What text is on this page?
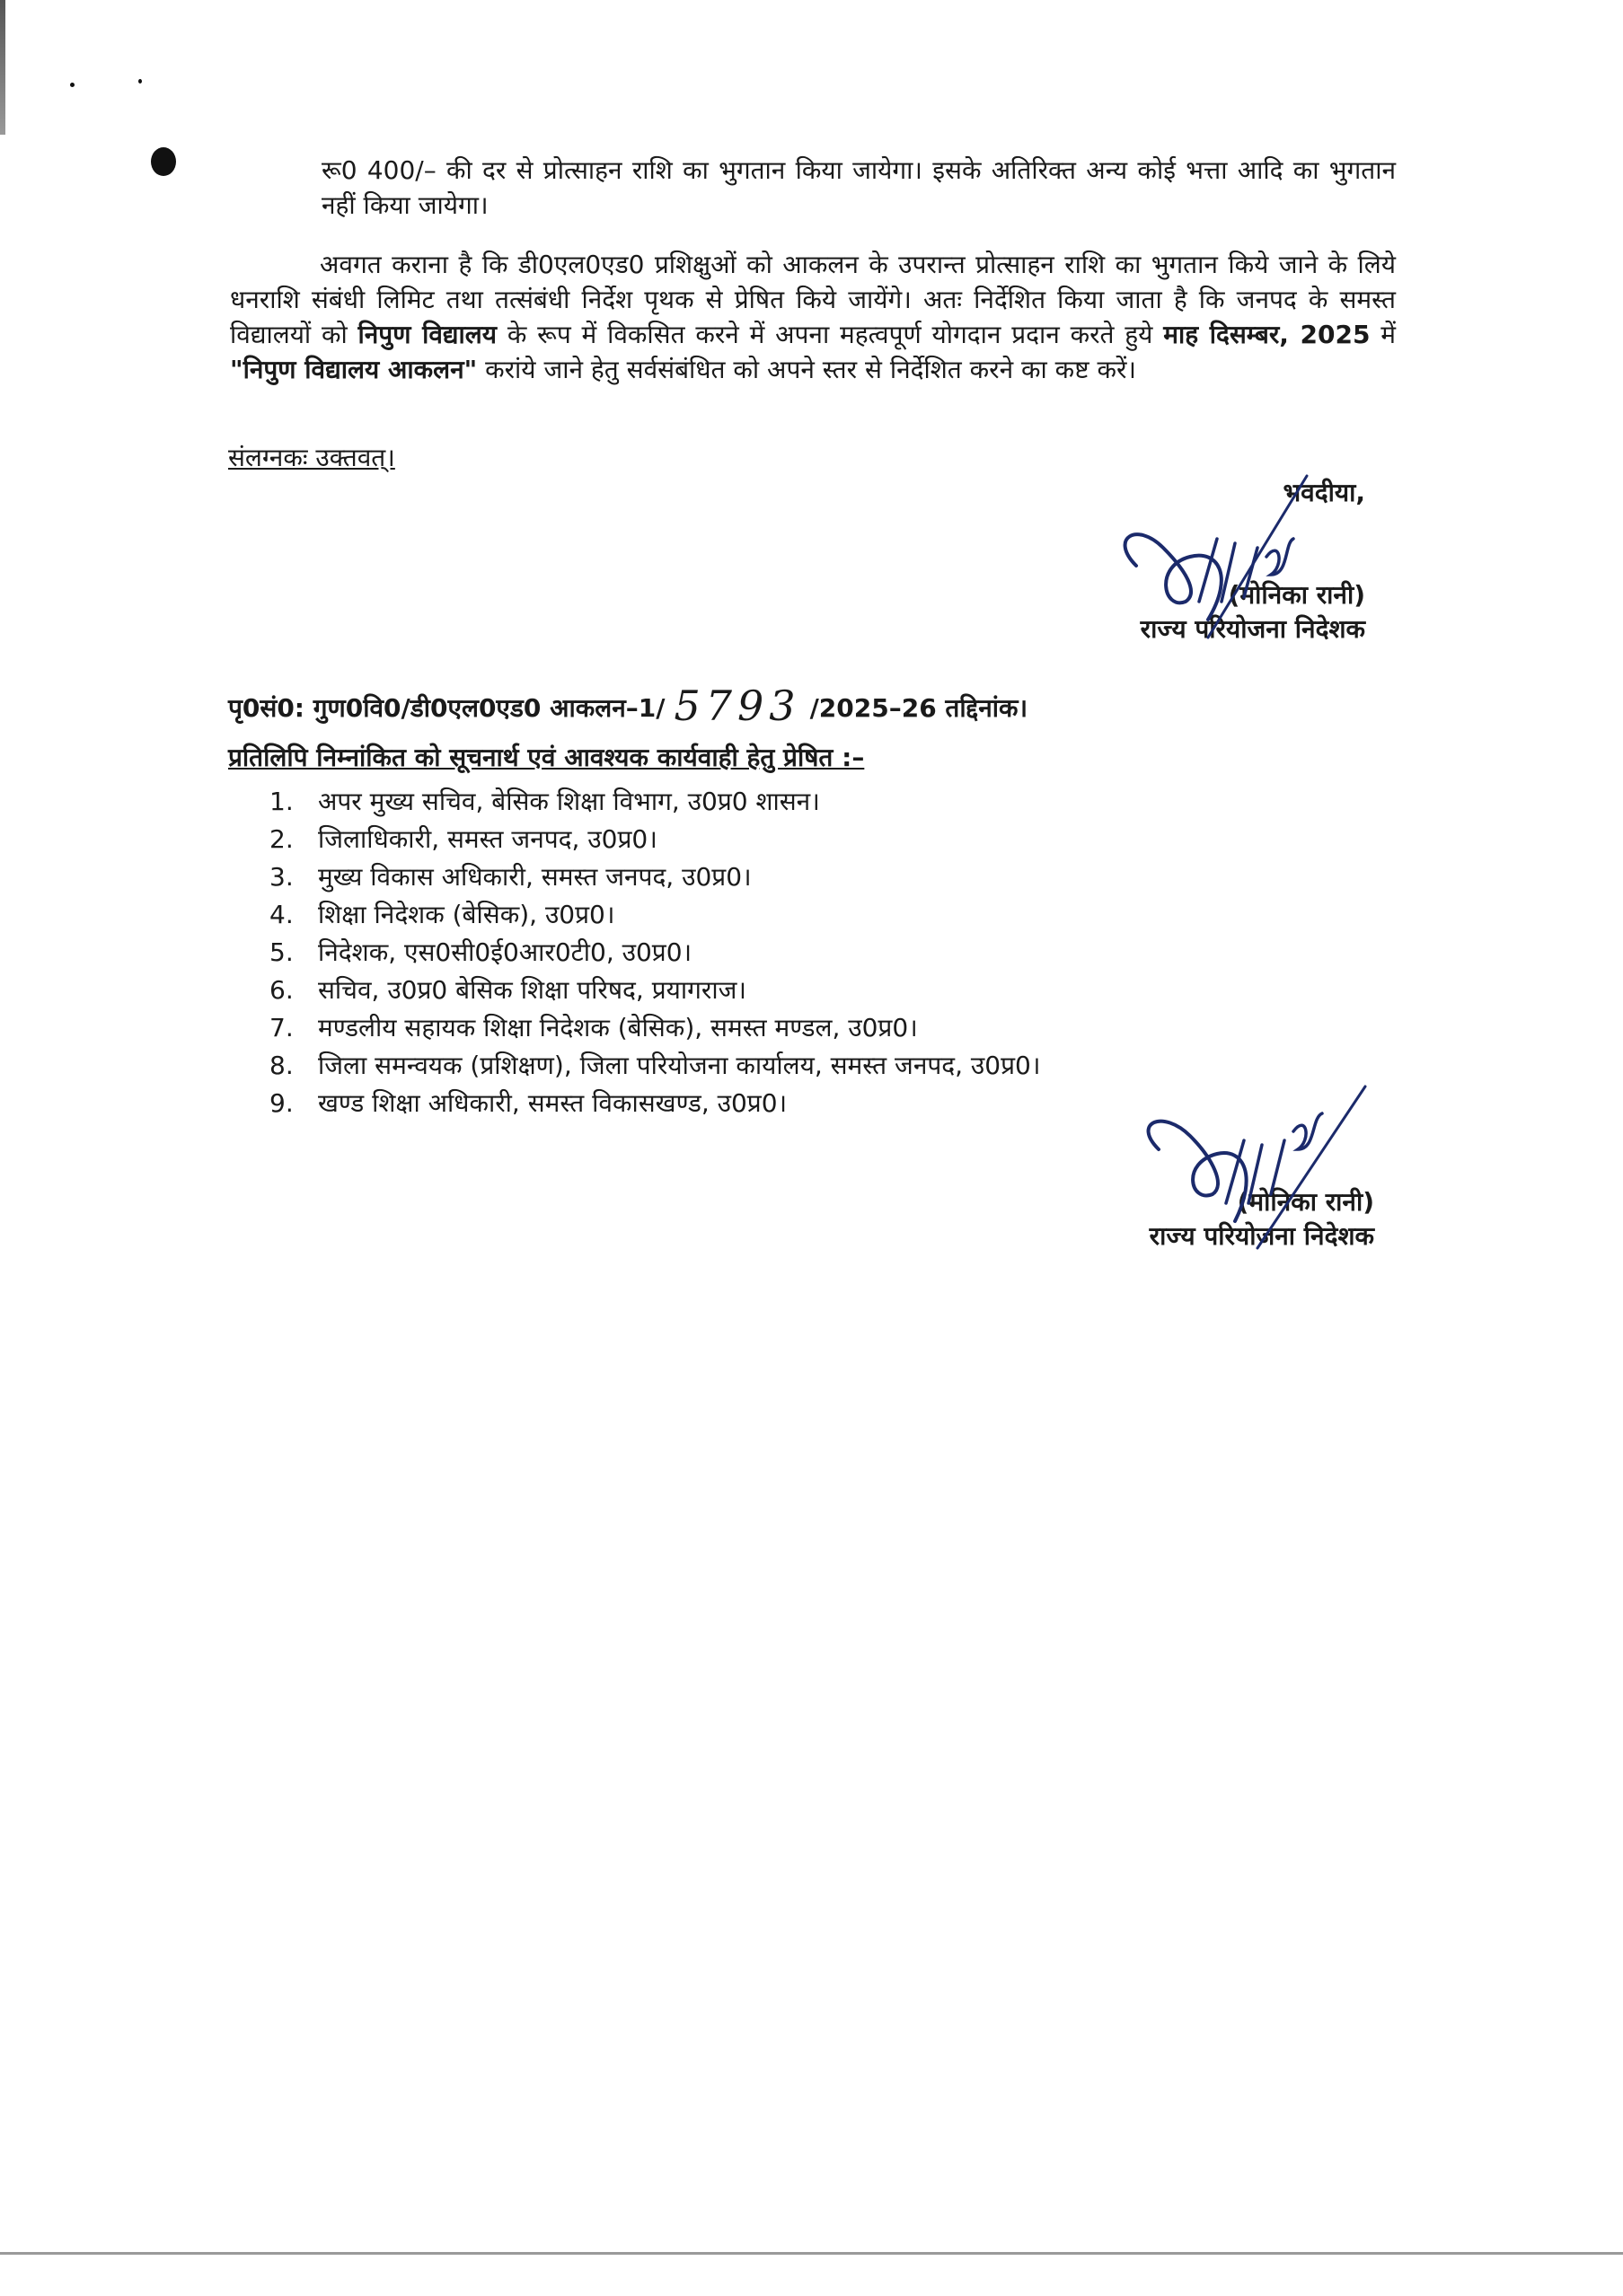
रू0 400/– की दर से प्रोत्साहन राशि का भुगतान किया जायेगा। इसके अतिरिक्त अन्य कोई भत्ता आदि का भुगतान नहीं किया जायेगा।

अवगत कराना है कि डी0एल0एड0 प्रशिक्षुओं को आकलन के उपरान्त प्रोत्साहन राशि का भुगतान किये जाने के लिये धनराशि संबंधी लिमिट तथा तत्संबंधी निर्देश पृथक से प्रेषित किये जायेंगे। अतः निर्देशित किया जाता है कि जनपद के समस्त विद्यालयों को निपुण विद्यालय के रूप में विकसित करने में अपना महत्वपूर्ण योगदान प्रदान करते हुये माह दिसम्बर, 2025 में "निपुण विद्यालय आकलन" करांये जाने हेतु सर्वसंबंधित को अपने स्तर से निर्देशित करने का कष्ट करें।

संलग्नकः उक्तवत्।
भवदीया,
(मोनिका रानी)
राज्य परियोजना निदेशक
पृ0सं0: गुण0वि0/डी0एल0एड0 आकलन–1/ 5793 /2025–26 तद्दिनांक।
प्रतिलिपि निम्नांकित को सूचनार्थ एवं आवश्यक कार्यवाही हेतु प्रेषित :–
1. अपर मुख्य सचिव, बेसिक शिक्षा विभाग, उ0प्र0 शासन।
2. जिलाधिकारी, समस्त जनपद, उ0प्र0।
3. मुख्य विकास अधिकारी, समस्त जनपद, उ0प्र0।
4. शिक्षा निदेशक (बेसिक), उ0प्र0।
5. निदेशक, एस0सी0ई0आर0टी0, उ0प्र0।
6. सचिव, उ0प्र0 बेसिक शिक्षा परिषद, प्रयागराज।
7. मण्डलीय सहायक शिक्षा निदेशक (बेसिक), समस्त मण्डल, उ0प्र0।
8. जिला समन्वयक (प्रशिक्षण), जिला परियोजना कार्यालय, समस्त जनपद, उ0प्र0।
9. खण्ड शिक्षा अधिकारी, समस्त विकासखण्ड, उ0प्र0।
(मोनिका रानी)
राज्य परियोजना निदेशक
